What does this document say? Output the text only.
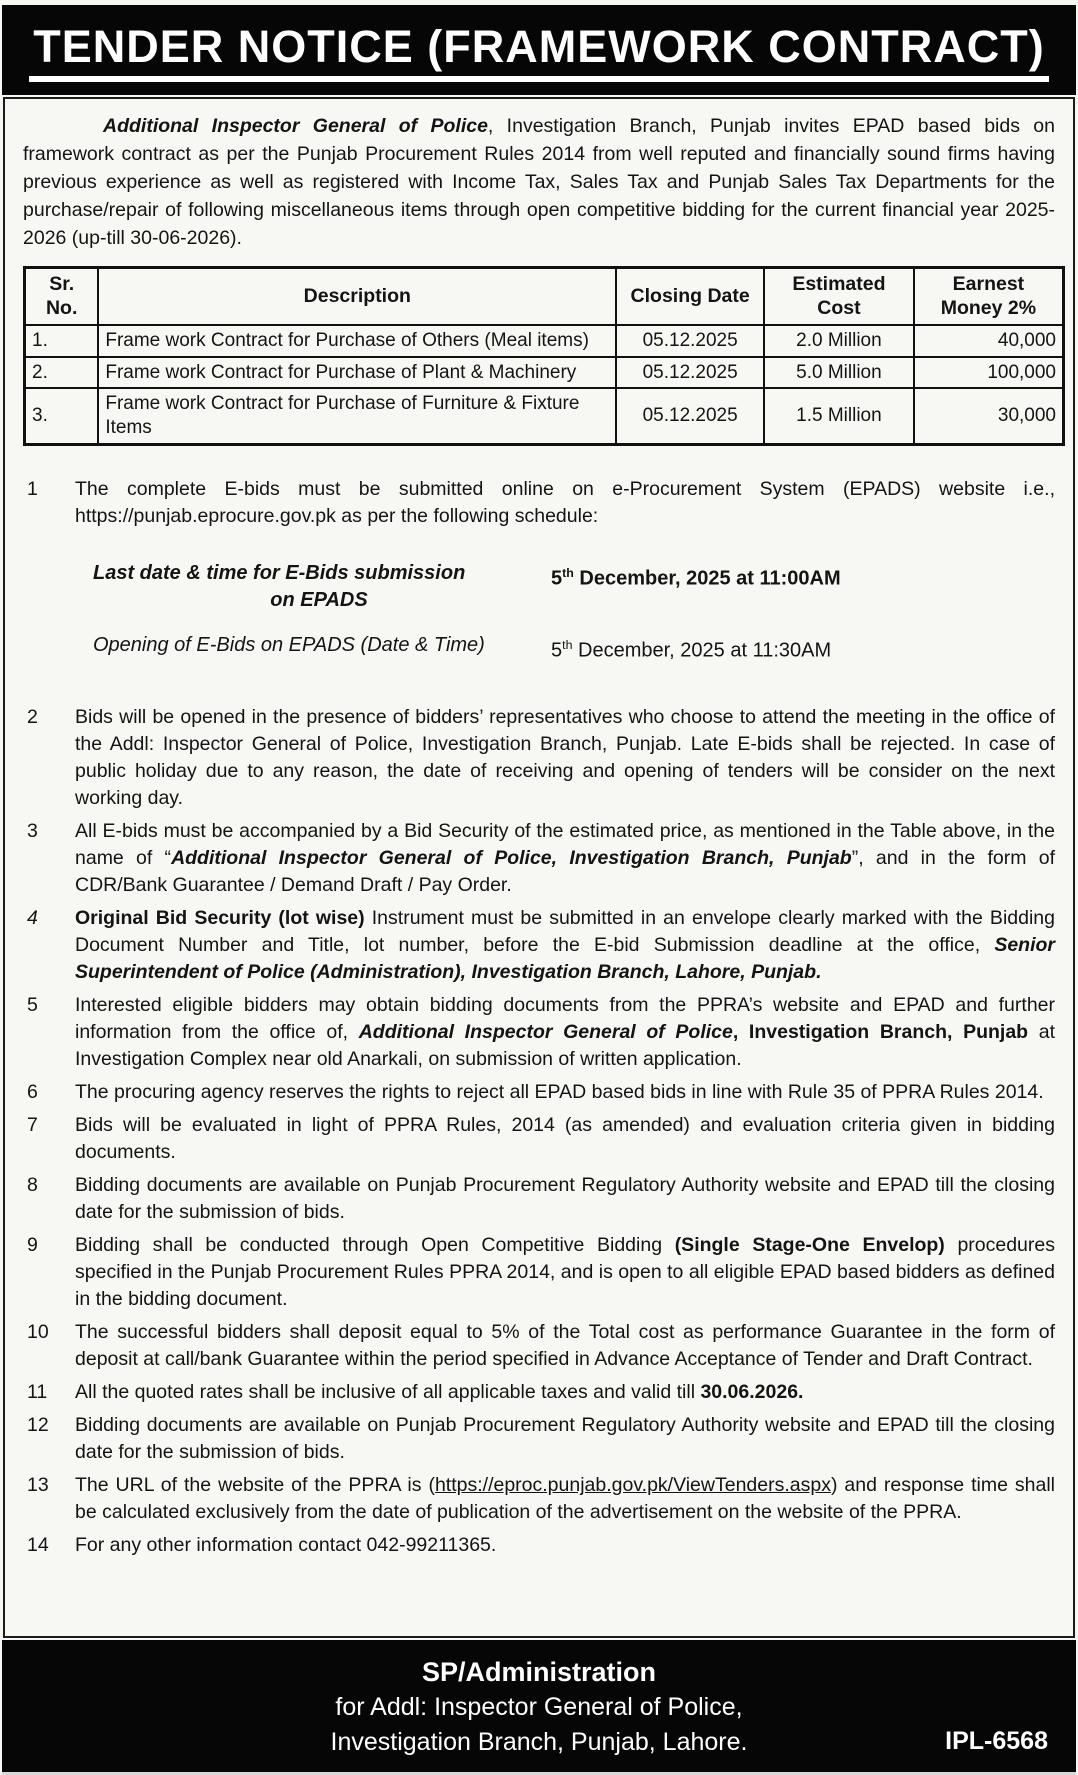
TENDER NOTICE (FRAMEWORK CONTRACT)

Additional Inspector General of Police, Investigation Branch, Punjab invites EPAD based bids on framework contract as per the Punjab Procurement Rules 2014 from well reputed and financially sound firms having previous experience as well as registered with Income Tax, Sales Tax and Punjab Sales Tax Departments for the purchase/repair of following miscellaneous items through open competitive bidding for the current financial year 2025-2026 (up-till 30-06-2026).

Sr. No.	Description	Closing Date	Estimated Cost	Earnest Money 2%
1.	Frame work Contract for Purchase of Others (Meal items)	05.12.2025	2.0 Million	40,000
2.	Frame work Contract for Purchase of Plant & Machinery	05.12.2025	5.0 Million	100,000
3.	Frame work Contract for Purchase of Furniture & Fixture Items	05.12.2025	1.5 Million	30,000
1	The complete E-bids must be submitted online on e-Procurement System (EPADS) website i.e., https://punjab.eprocure.gov.pk as per the following schedule:

Last date & time for E-Bids submission
on EPADS
5th December, 2025 at 11:00AM
Opening of E-Bids on EPADS (Date & Time)	5th December, 2025 at 11:30AM
2	Bids will be opened in the presence of bidders’ representatives who choose to attend the meeting in the office of the Addl: Inspector General of Police, Investigation Branch, Punjab. Late E-bids shall be rejected. In case of public holiday due to any reason, the date of receiving and opening of tenders will be consider on the next working day.

3	All E-bids must be accompanied by a Bid Security of the estimated price, as mentioned in the Table above, in the name of “Additional Inspector General of Police, Investigation Branch, Punjab”, and in the form of CDR/Bank Guarantee / Demand Draft / Pay Order.

4	Original Bid Security (lot wise) Instrument must be submitted in an envelope clearly marked with the Bidding Document Number and Title, lot number, before the E-bid Submission deadline at the office, Senior Superintendent of Police (Administration), Investigation Branch, Lahore, Punjab.

5	Interested eligible bidders may obtain bidding documents from the PPRA’s website and EPAD and further information from the office of, Additional Inspector General of Police, Investigation Branch, Punjab at Investigation Complex near old Anarkali, on submission of written application.

6	The procuring agency reserves the rights to reject all EPAD based bids in line with Rule 35 of PPRA Rules 2014.

7	Bids will be evaluated in light of PPRA Rules, 2014 (as amended) and evaluation criteria given in bidding documents.

8	Bidding documents are available on Punjab Procurement Regulatory Authority website and EPAD till the closing date for the submission of bids.

9	Bidding shall be conducted through Open Competitive Bidding (Single Stage-One Envelop) procedures specified in the Punjab Procurement Rules PPRA 2014, and is open to all eligible EPAD based bidders as defined in the bidding document.

10	The successful bidders shall deposit equal to 5% of the Total cost as performance Guarantee in the form of deposit at call/bank Guarantee within the period specified in Advance Acceptance of Tender and Draft Contract.

11	All the quoted rates shall be inclusive of all applicable taxes and valid till 30.06.2026.

12	Bidding documents are available on Punjab Procurement Regulatory Authority website and EPAD till the closing date for the submission of bids.

13	The URL of the website of the PPRA is (https://eproc.punjab.gov.pk/ViewTenders.aspx) and response time shall be calculated exclusively from the date of publication of the advertisement on the website of the PPRA.

14	For any other information contact 042-99211365.

SP/Administration
for Addl: Inspector General of Police,
Investigation Branch, Punjab, Lahore.	IPL-6568
